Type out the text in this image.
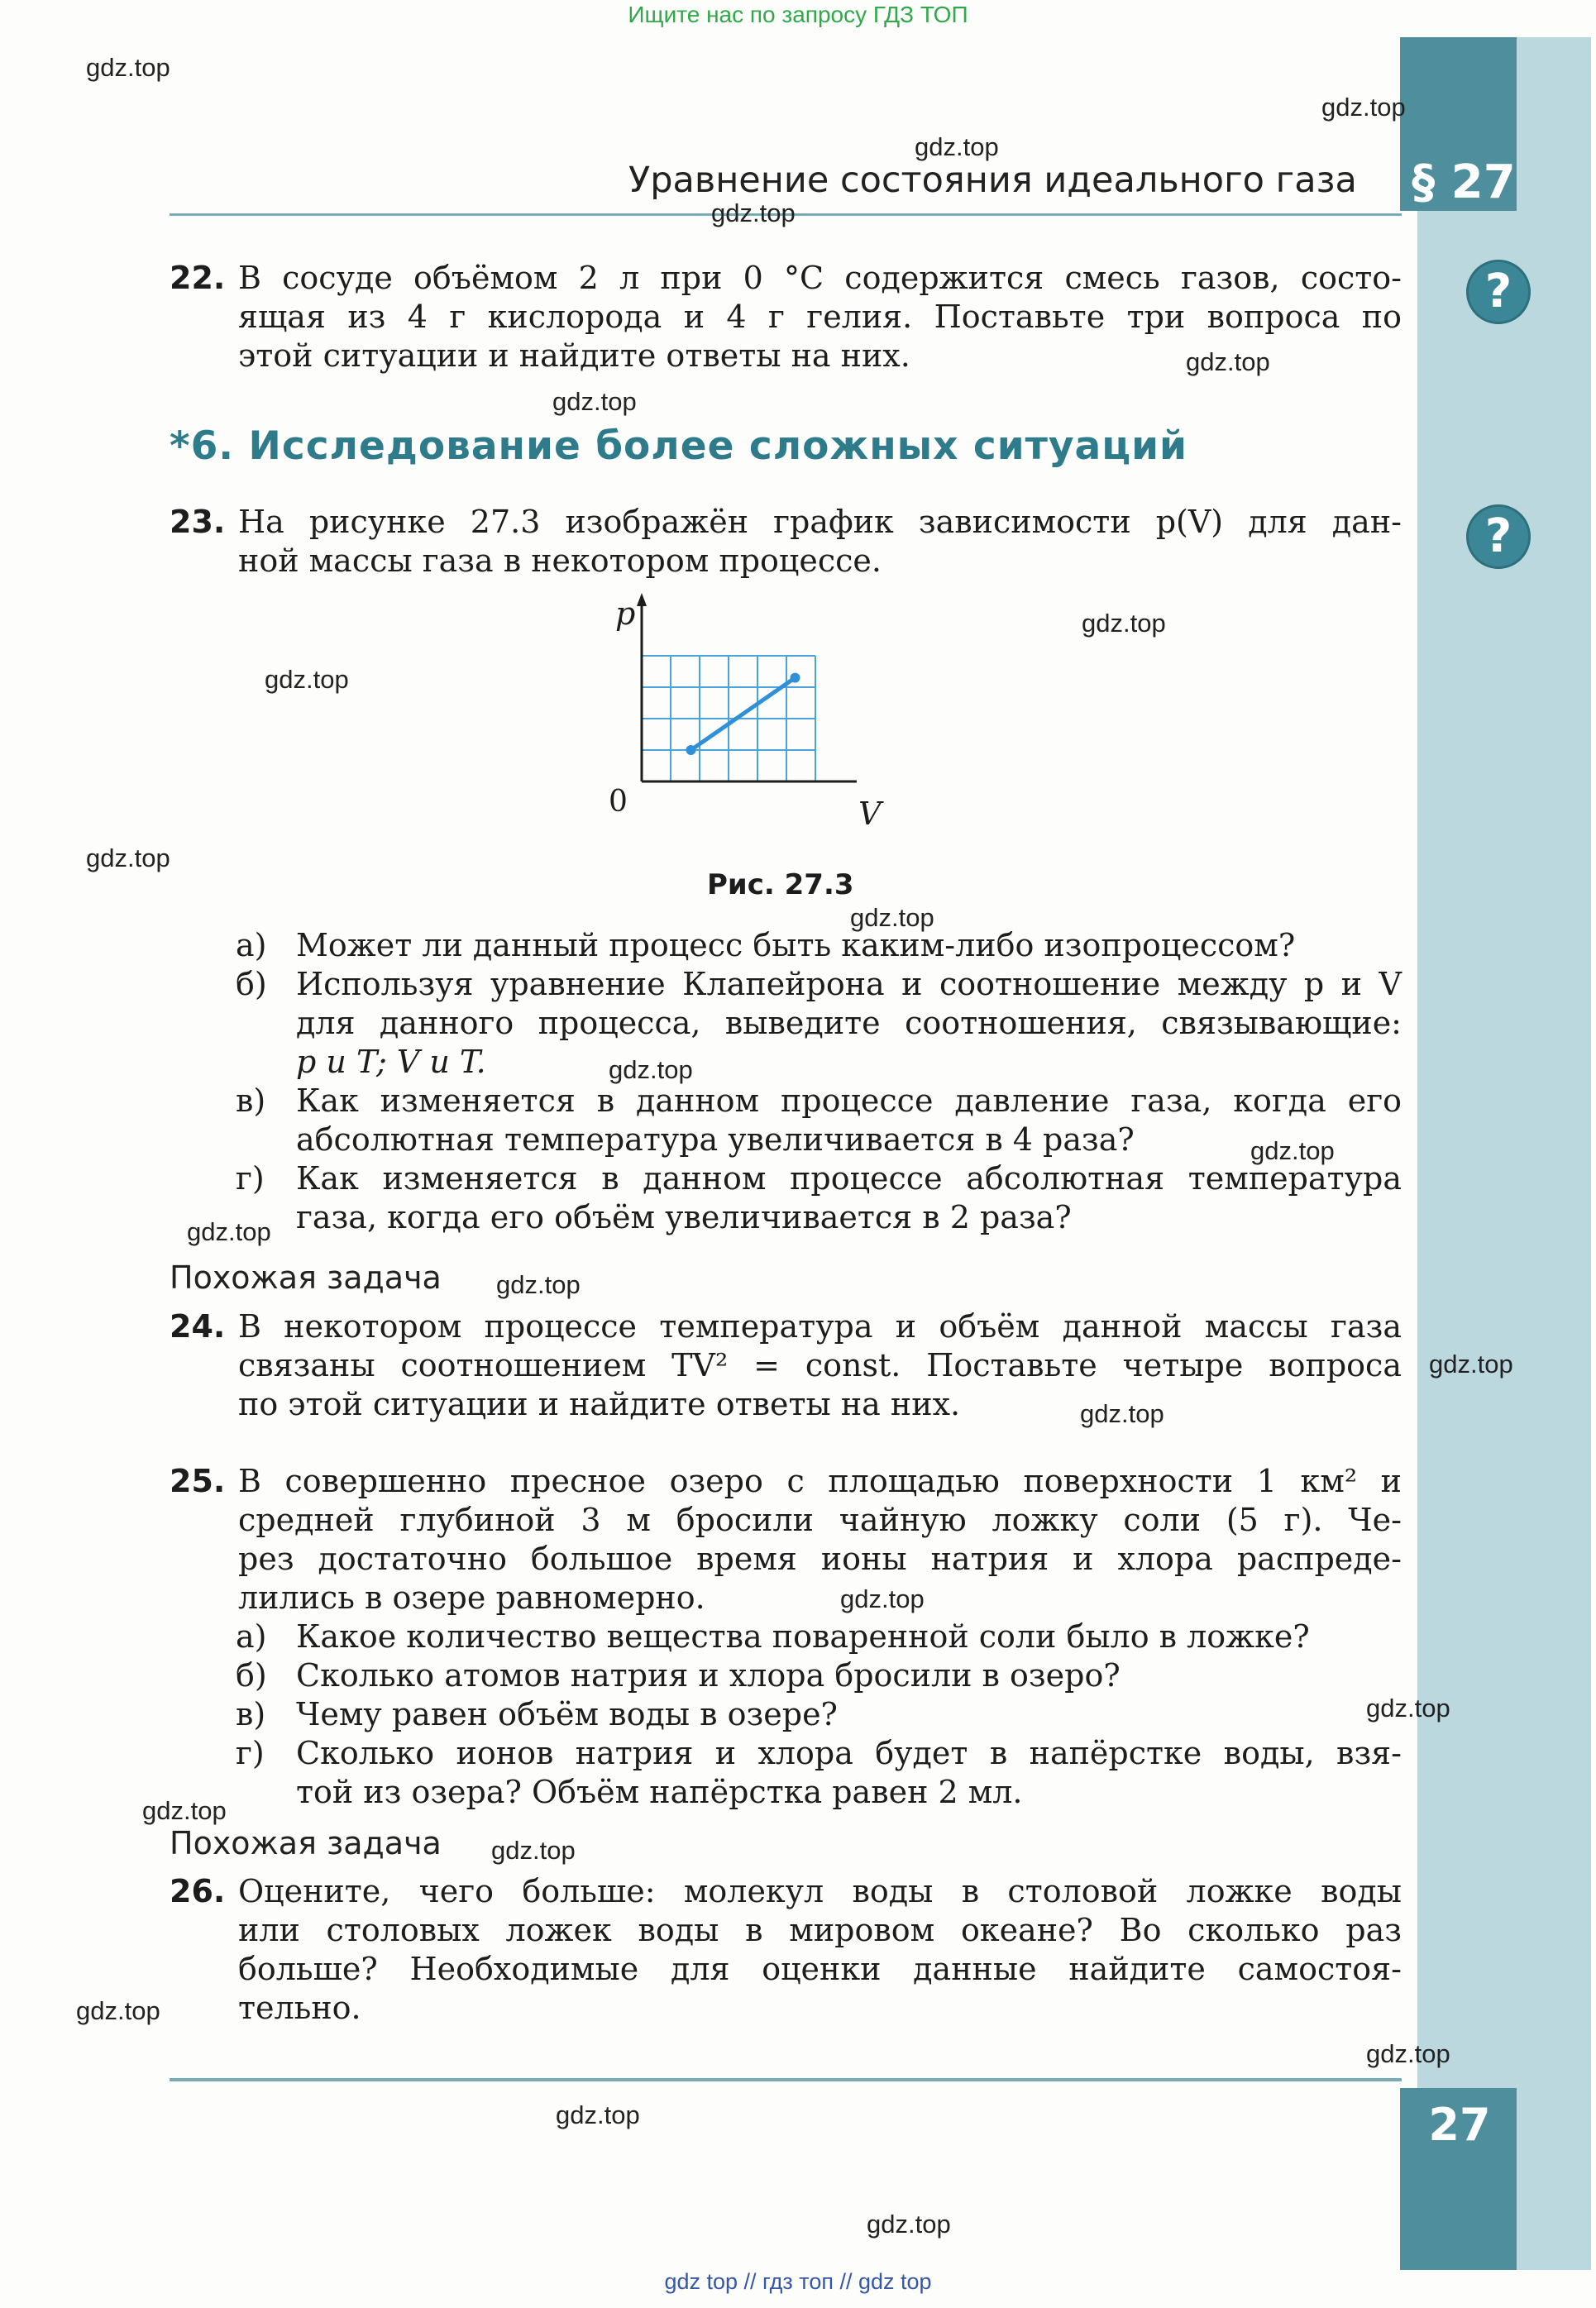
Ищите нас по запросу ГДЗ ТОП
gdz top // гдз топ // gdz top
§ 27
27
Уравнение состояния идеального газа
?
?
22. В сосуде объёмом 2 л при 0 °С содержится смесь газов, состо-
ящая из 4 г кислорода и 4 г гелия. Поставьте три вопроса по
этой ситуации и найдите ответы на них.
*6. Исследование более сложных ситуаций
23. На рисунке 27.3 изображён график зависимости p(V) для дан-
ной массы газа в некотором процессе.
p
V
0
Рис. 27.3
а) Может ли данный процесс быть каким-либо изопроцессом?
б) Используя уравнение Клапейрона и соотношение между p и V
для данного процесса, выведите соотношения, связывающие:
p и T; V и T.
в) Как изменяется в данном процессе давление газа, когда его
абсолютная температура увеличивается в 4 раза?
г) Как изменяется в данном процессе абсолютная температура
газа, когда его объём увеличивается в 2 раза?
Похожая задача
24. В некотором процессе температура и объём данной массы газа
связаны соотношением TV² = const. Поставьте четыре вопроса
по этой ситуации и найдите ответы на них.
25. В совершенно пресное озеро с площадью поверхности 1 км² и
средней глубиной 3 м бросили чайную ложку соли (5 г). Че-
рез достаточно большое время ионы натрия и хлора распреде-
лились в озере равномерно.
а) Какое количество вещества поваренной соли было в ложке?
б) Сколько атомов натрия и хлора бросили в озеро?
в) Чему равен объём воды в озере?
г) Сколько ионов натрия и хлора будет в напёрстке воды, взя-
той из озера? Объём напёрстка равен 2 мл.
Похожая задача
26. Оцените, чего больше: молекул воды в столовой ложке воды
или столовых ложек воды в мировом океане? Во сколько раз
больше? Необходимые для оценки данные найдите самостоя-
тельно.
gdz.top
gdz.top
gdz.top
gdz.top
gdz.top
gdz.top
gdz.top
gdz.top
gdz.top
gdz.top
gdz.top
gdz.top
gdz.top
gdz.top
gdz.top
gdz.top
gdz.top
gdz.top
gdz.top
gdz.top
gdz.top
gdz.top
gdz.top
gdz.top
